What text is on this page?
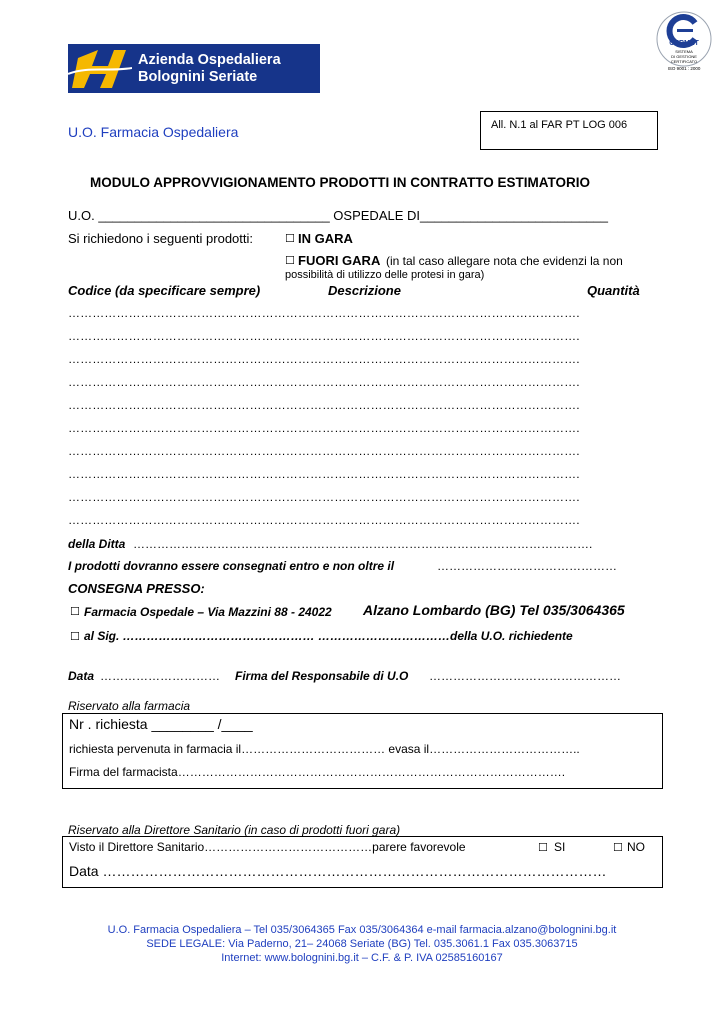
Azienda Ospedaliera
Bolognini Seriate
CERMET
SISTEMA
DI GESTIONE
CERTIFICATO
ISO 9001 : 2000
U.O. Farmacia Ospedaliera	All. N.1 al FAR PT LOG 006
MODULO APPROVVIGIONAMENTO PRODOTTI IN CONTRATTO ESTIMATORIO
U.O. ________________________________ OSPEDALE DI__________________________
Si richiedono i seguenti prodotti:	☐ IN GARA
☐ FUORI GARA (in tal caso allegare nota che evidenzi la non
possibilità di utilizzo delle protesi in gara)
Codice (da specificare sempre)	Descrizione	Quantità
……………………………………………………………………………………………………………….
……………………………………………………………………………………………………………….
……………………………………………………………………………………………………………….
……………………………………………………………………………………………………………….
……………………………………………………………………………………………………………….
……………………………………………………………………………………………………………….
……………………………………………………………………………………………………………….
……………………………………………………………………………………………………………….
……………………………………………………………………………………………………………….
……………………………………………………………………………………………………………….
della Ditta …………………………………………………………………………………………………….
I prodotti dovranno essere consegnati entro e non oltre il	………………………………………
CONSEGNA PRESSO:
☐ Farmacia Ospedale – Via Mazzini 88 - 24022 Alzano Lombardo (BG) Tel 035/3064365
☐ al Sig. ………………………………………… ……………………………della U.O. richiedente
Data ………………………… Firma del Responsabile di U.O …………………………………………
Riservato alla farmacia
Nr . richiesta ________ /____
richiesta pervenuta in farmacia il……………………………… evasa il………………………………..
Firma del farmacista…………………………………………………………………………………….
Riservato alla Direttore Sanitario (in caso di prodotti fuori gara)
Visto il Direttore Sanitario……………………………………parere favorevole	☐ SI	☐ NO
Data ………………………………………………………………………………………………
U.O. Farmacia Ospedaliera – Tel 035/3064365 Fax 035/3064364 e-mail farmacia.alzano@bolognini.bg.it
SEDE LEGALE: Via Paderno, 21– 24068 Seriate (BG) Tel. 035.3061.1 Fax 035.3063715
Internet: www.bolognini.bg.it – C.F. & P. IVA 02585160167
